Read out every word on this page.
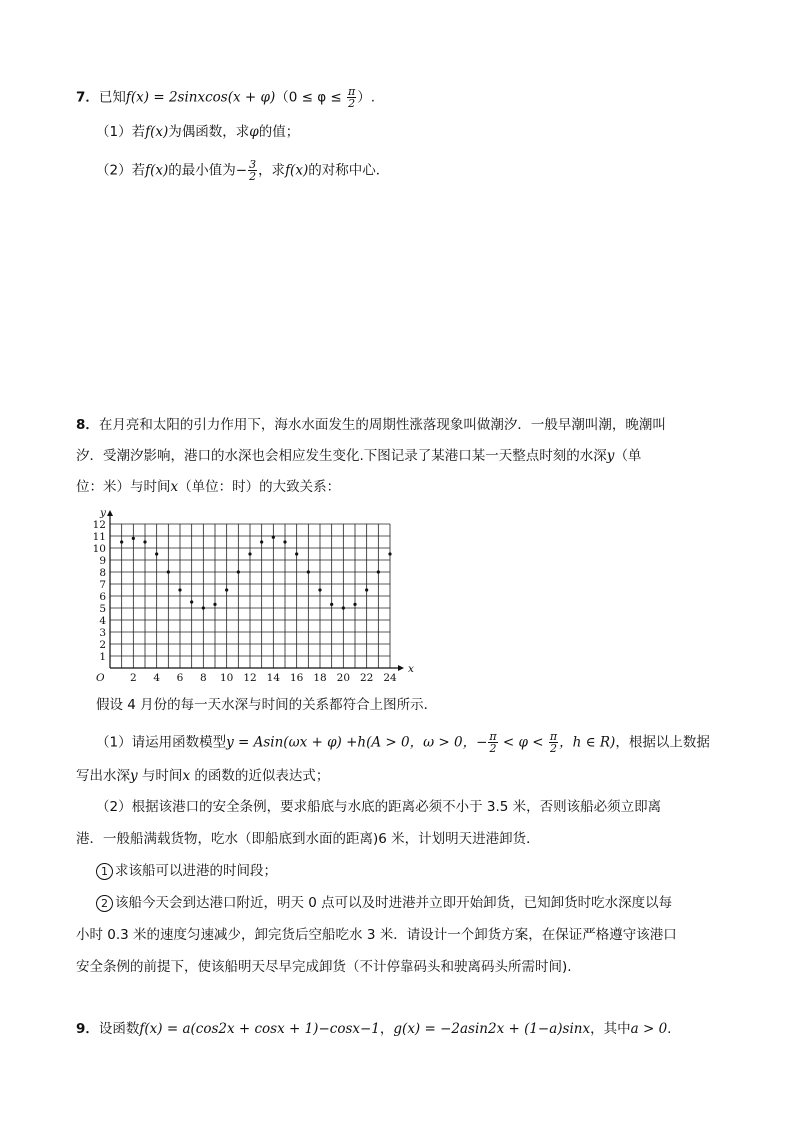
7．已知f(x) = 2sinxcos(x + $\varphi)(0 \le \varphi \le \frac{\pi}{2}$ ）.
（1）若f(x)为偶函数，求φ的值；
（2）若f(x)的最小值为− $\frac{3}{2}$ ，求f(x)的对称中心．
8．在月亮和太阳的引力作用下，海水水面发生的周期性涨落现象叫做潮汐．一般早潮叫潮，晚潮叫
汐．受潮汐影响，港口的水深也会相应发生变化.下图记录了某港口某一天整点时刻的水深y（单
位：米）与时间x（单位：时）的大致关系：
2 4 6 8 10 12 14 16 18 20 22 24
1
2
3
4
5
6
7
8
9
10
11
12
x
y
O
假设 4 月份的每一天水深与时间的关系都符合上图所示．
（1）请运用函数模型y = Asin(ωx + φ) +h(A > 0，ω > 0，− $\frac{\pi}{2} < \varphi < \frac{\pi}{2}$ ，h ∈ R)，根据以上数据
写出水深y 与时间x 的函数的近似表达式；
（2）根据该港口的安全条例，要求船底与水底的距离必须不小于 3.5 米，否则该船必须立即离
港．一般船满载货物，吃水（即船底到水面的距离)6 米，计划明天进港卸货．
1 求该船可以进港的时间段；
2 该船今天会到达港口附近，明天 0 点可以及时进港并立即开始卸货，已知卸货时吃水深度以每
小时 0.3 米的速度匀速减少，卸完货后空船吃水 3 米．请设计一个卸货方案，在保证严格遵守该港口
安全条例的前提下，使该船明天尽早完成卸货（不计停靠码头和驶离码头所需时间).
9．设函数f(x) = a(cos2x + cosx + 1)−cosx−1，g(x) = −2asin2x + (1−a)sinx，其中a > 0.
